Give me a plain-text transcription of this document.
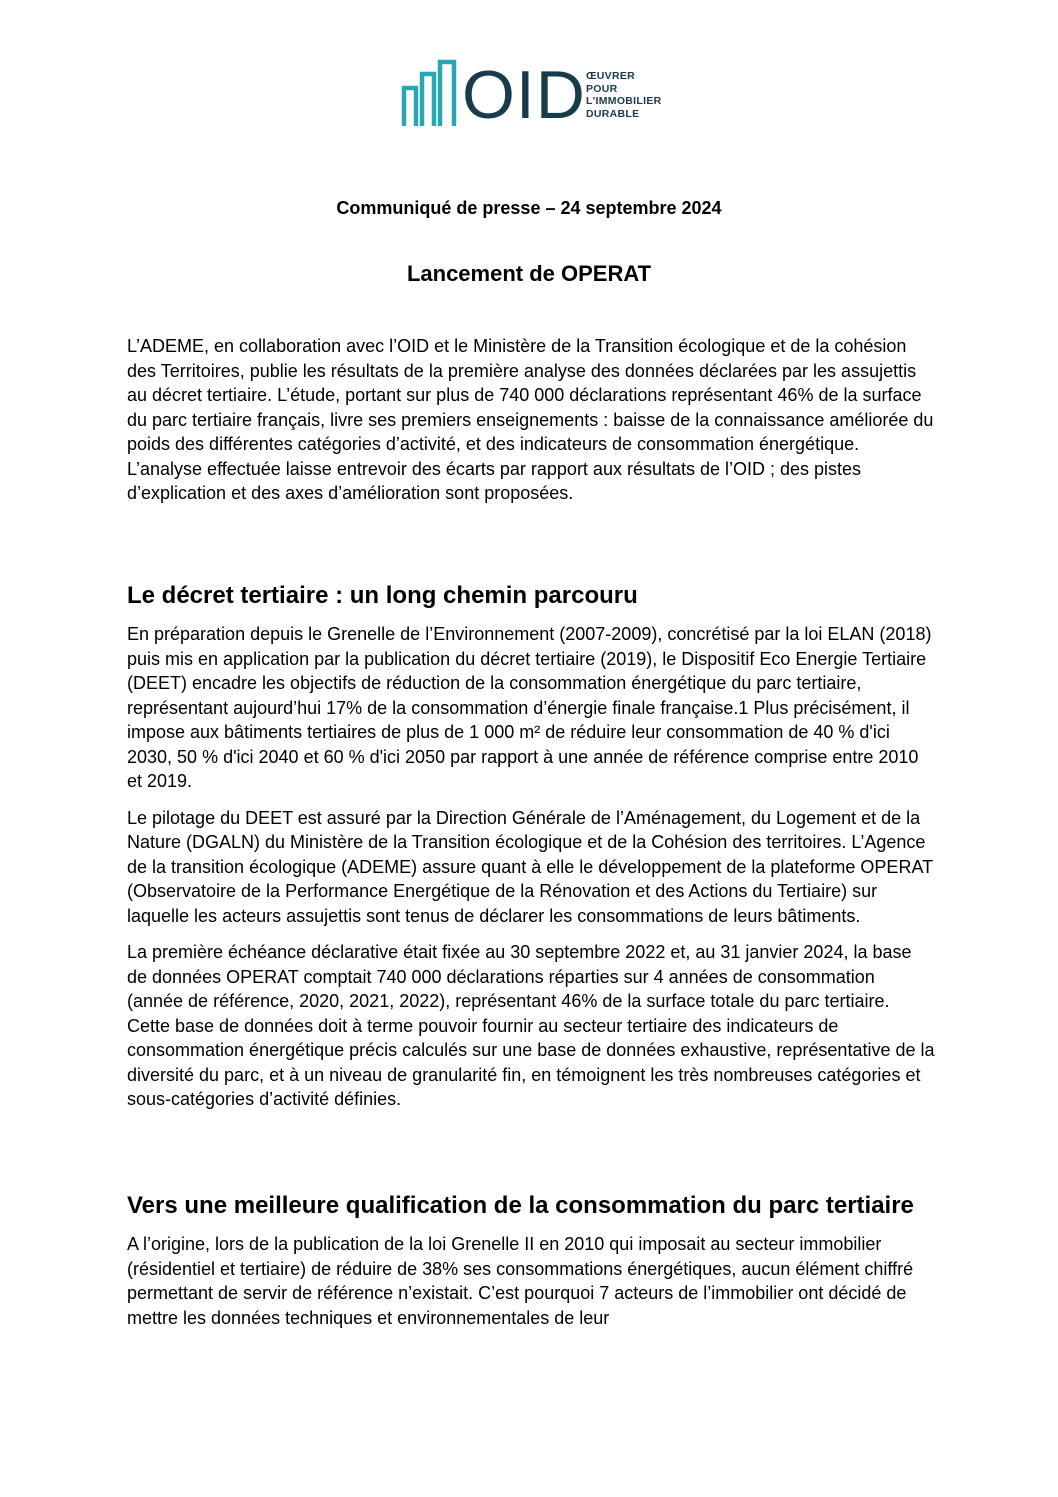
OID ŒUVRER
POUR
L'IMMOBILIER
DURABLE
Communiqué de presse – 24 septembre 2024
Lancement de OPERAT

L’ADEME, en collaboration avec l’OID et le Ministère de la Transition écologique et de la cohésion des Territoires, publie les résultats de la première analyse des données déclarées par les assujettis au décret tertiaire. L’étude, portant sur plus de 740 000 déclarations représentant 46% de la surface du parc tertiaire français, livre ses premiers enseignements : baisse de la connaissance améliorée du poids des différentes catégories d’activité, et des indicateurs de consommation énergétique. L’analyse effectuée laisse entrevoir des écarts par rapport aux résultats de l’OID ; des pistes d’explication et des axes d’amélioration sont proposées.

Le décret tertiaire : un long chemin parcouru

En préparation depuis le Grenelle de l’Environnement (2007-2009), concrétisé par la loi ELAN (2018) puis mis en application par la publication du décret tertiaire (2019), le Dispositif Eco Energie Tertiaire (DEET) encadre les objectifs de réduction de la consommation énergétique du parc tertiaire, représentant aujourd’hui 17% de la consommation d’énergie finale française.1 Plus précisément, il impose aux bâtiments tertiaires de plus de 1 000 m² de réduire leur consommation de 40 % d'ici 2030, 50 % d'ici 2040 et 60 % d'ici 2050 par rapport à une année de référence comprise entre 2010 et 2019.

Le pilotage du DEET est assuré par la Direction Générale de l’Aménagement, du Logement et de la Nature (DGALN) du Ministère de la Transition écologique et de la Cohésion des territoires. L’Agence de la transition écologique (ADEME) assure quant à elle le développement de la plateforme OPERAT (Observatoire de la Performance Energétique de la Rénovation et des Actions du Tertiaire) sur laquelle les acteurs assujettis sont tenus de déclarer les consommations de leurs bâtiments.

La première échéance déclarative était fixée au 30 septembre 2022 et, au 31 janvier 2024, la base de données OPERAT comptait 740 000 déclarations réparties sur 4 années de consommation (année de référence, 2020, 2021, 2022), représentant 46% de la surface totale du parc tertiaire. Cette base de données doit à terme pouvoir fournir au secteur tertiaire des indicateurs de consommation énergétique précis calculés sur une base de données exhaustive, représentative de la diversité du parc, et à un niveau de granularité fin, en témoignent les très nombreuses catégories et sous-catégories d’activité définies.

Vers une meilleure qualification de la consommation du parc tertiaire

A l’origine, lors de la publication de la loi Grenelle II en 2010 qui imposait au secteur immobilier (résidentiel et tertiaire) de réduire de 38% ses consommations énergétiques, aucun élément chiffré permettant de servir de référence n’existait. C’est pourquoi 7 acteurs de l’immobilier ont décidé de mettre les données techniques et environnementales de leur
